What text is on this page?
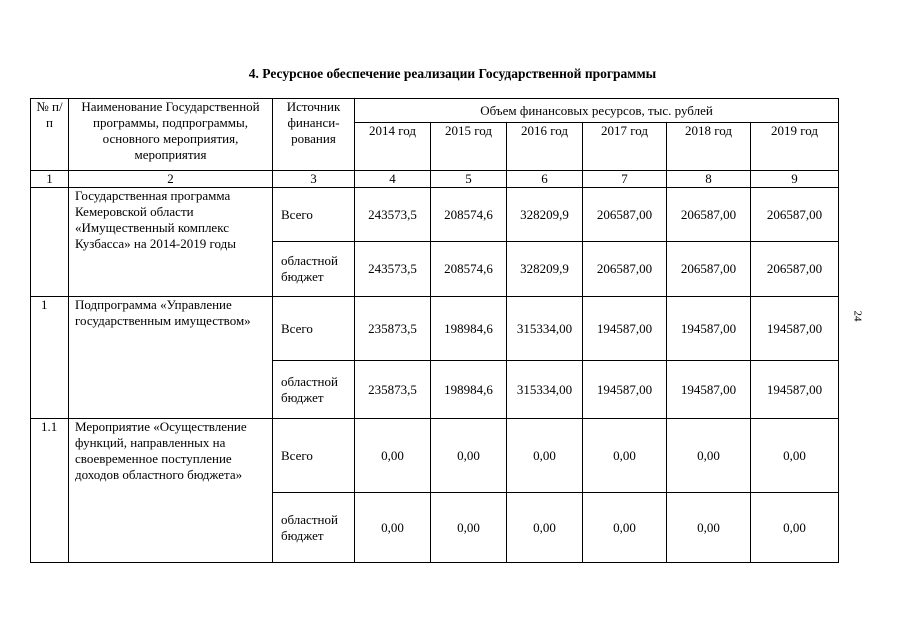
4. Ресурсное обеспечение реализации Государственной программы
24
№ п/п	Наименование Государственной программы, подпрограммы, основного мероприятия, мероприятия	Источник финанси-рования	Объем финансовых ресурсов, тыс. рублей					
			2014 год	2015 год	2016 год	2017 год	2018 год	2019 год
1	2	3	4	5	6	7	8	9
	Государственная программа Кемеровской области «Имущественный комплекс Кузбасса» на 2014-2019 годы	Всего	243573,5	208574,6	328209,9	206587,00	206587,00	206587,00
		областной бюджет	243573,5	208574,6	328209,9	206587,00	206587,00	206587,00
1	Подпрограмма «Управление государственным имуществом»	Всего	235873,5	198984,6	315334,00	194587,00	194587,00	194587,00
		областной бюджет	235873,5	198984,6	315334,00	194587,00	194587,00	194587,00
1.1	Мероприятие «Осуществление функций, направленных на своевременное поступление доходов областного бюджета»	Всего	0,00	0,00	0,00	0,00	0,00	0,00
		областной бюджет	0,00	0,00	0,00	0,00	0,00	0,00
